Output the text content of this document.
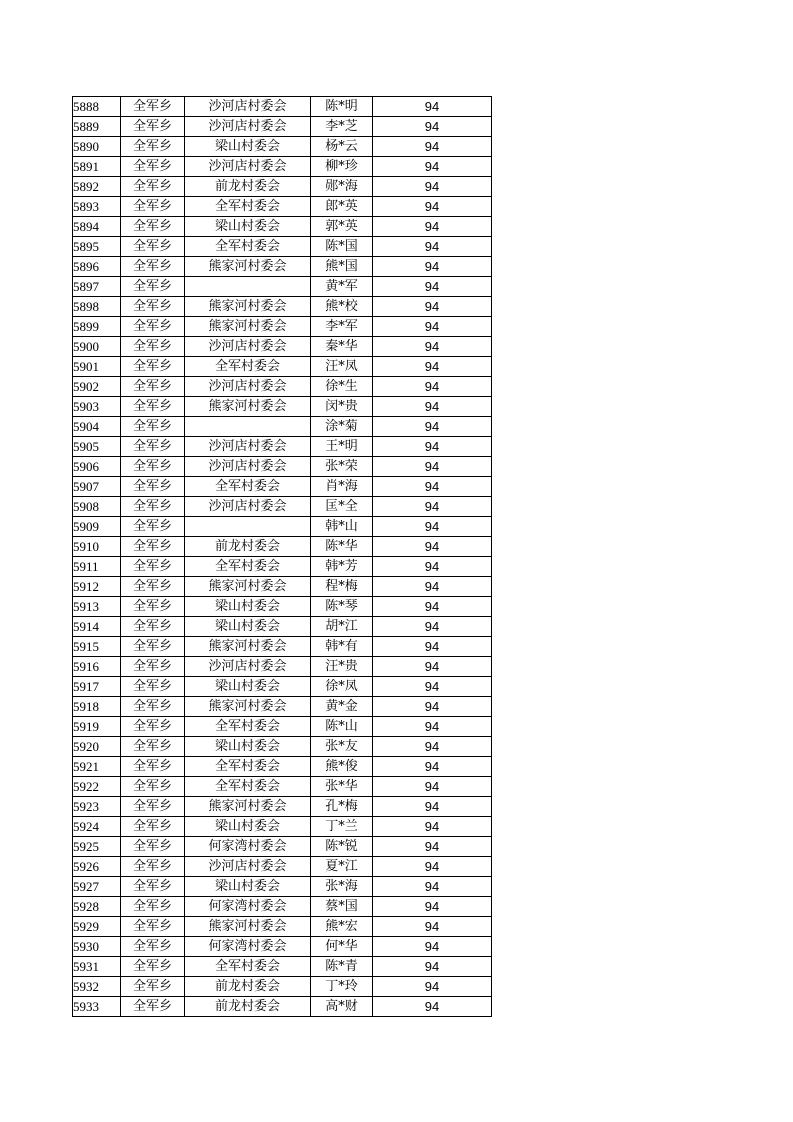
5888	全军乡	沙河店村委会	陈*明	94
5889	全军乡	沙河店村委会	李*芝	94
5890	全军乡	梁山村委会	杨*云	94
5891	全军乡	沙河店村委会	柳*珍	94
5892	全军乡	前龙村委会	郧*海	94
5893	全军乡	全军村委会	郎*英	94
5894	全军乡	梁山村委会	郭*英	94
5895	全军乡	全军村委会	陈*国	94
5896	全军乡	熊家河村委会	熊*国	94
5897	全军乡		黄*军	94
5898	全军乡	熊家河村委会	熊*校	94
5899	全军乡	熊家河村委会	李*军	94
5900	全军乡	沙河店村委会	秦*华	94
5901	全军乡	全军村委会	汪*凤	94
5902	全军乡	沙河店村委会	徐*生	94
5903	全军乡	熊家河村委会	闵*贵	94
5904	全军乡		涂*菊	94
5905	全军乡	沙河店村委会	王*明	94
5906	全军乡	沙河店村委会	张*荣	94
5907	全军乡	全军村委会	肖*海	94
5908	全军乡	沙河店村委会	匡*全	94
5909	全军乡		韩*山	94
5910	全军乡	前龙村委会	陈*华	94
5911	全军乡	全军村委会	韩*芳	94
5912	全军乡	熊家河村委会	程*梅	94
5913	全军乡	梁山村委会	陈*琴	94
5914	全军乡	梁山村委会	胡*江	94
5915	全军乡	熊家河村委会	韩*有	94
5916	全军乡	沙河店村委会	汪*贵	94
5917	全军乡	梁山村委会	徐*凤	94
5918	全军乡	熊家河村委会	黄*金	94
5919	全军乡	全军村委会	陈*山	94
5920	全军乡	梁山村委会	张*友	94
5921	全军乡	全军村委会	熊*俊	94
5922	全军乡	全军村委会	张*华	94
5923	全军乡	熊家河村委会	孔*梅	94
5924	全军乡	梁山村委会	丁*兰	94
5925	全军乡	何家湾村委会	陈*锐	94
5926	全军乡	沙河店村委会	夏*江	94
5927	全军乡	梁山村委会	张*海	94
5928	全军乡	何家湾村委会	蔡*国	94
5929	全军乡	熊家河村委会	熊*宏	94
5930	全军乡	何家湾村委会	何*华	94
5931	全军乡	全军村委会	陈*青	94
5932	全军乡	前龙村委会	丁*玲	94
5933	全军乡	前龙村委会	高*财	94
